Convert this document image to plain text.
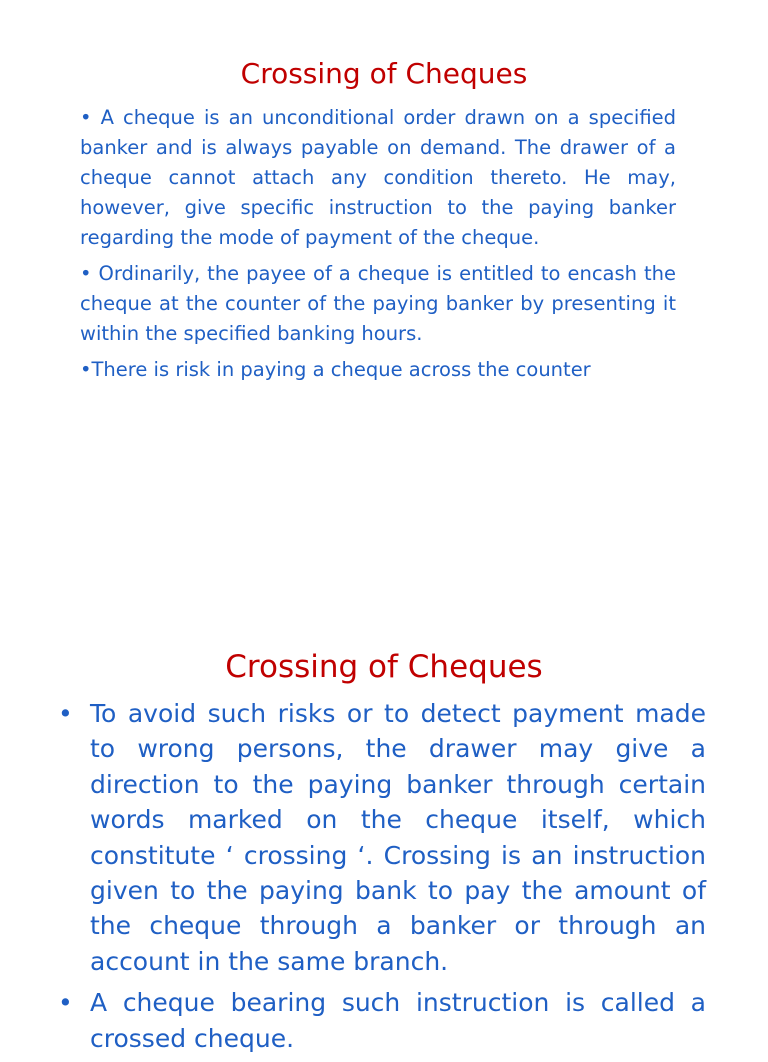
Crossing of Cheques

• A cheque is an unconditional order drawn on a specified banker and is always payable on demand. The drawer of a cheque cannot attach any condition thereto. He may, however, give specific instruction to the paying banker regarding the mode of payment of the cheque.

• Ordinarily, the payee of a cheque is entitled to encash the cheque at the counter of the paying banker by presenting it within the specified banking hours.

•There is risk in paying a cheque across the counter

Crossing of Cheques
• To avoid such risks or to detect payment made to wrong persons, the drawer may give a direction to the paying banker through certain words marked on the cheque itself, which constitute ‘ crossing ‘. Crossing is an instruction given to the paying bank to pay the amount of the cheque through a banker or through an account in the same branch.
• A cheque bearing such instruction is called a crossed cheque.
